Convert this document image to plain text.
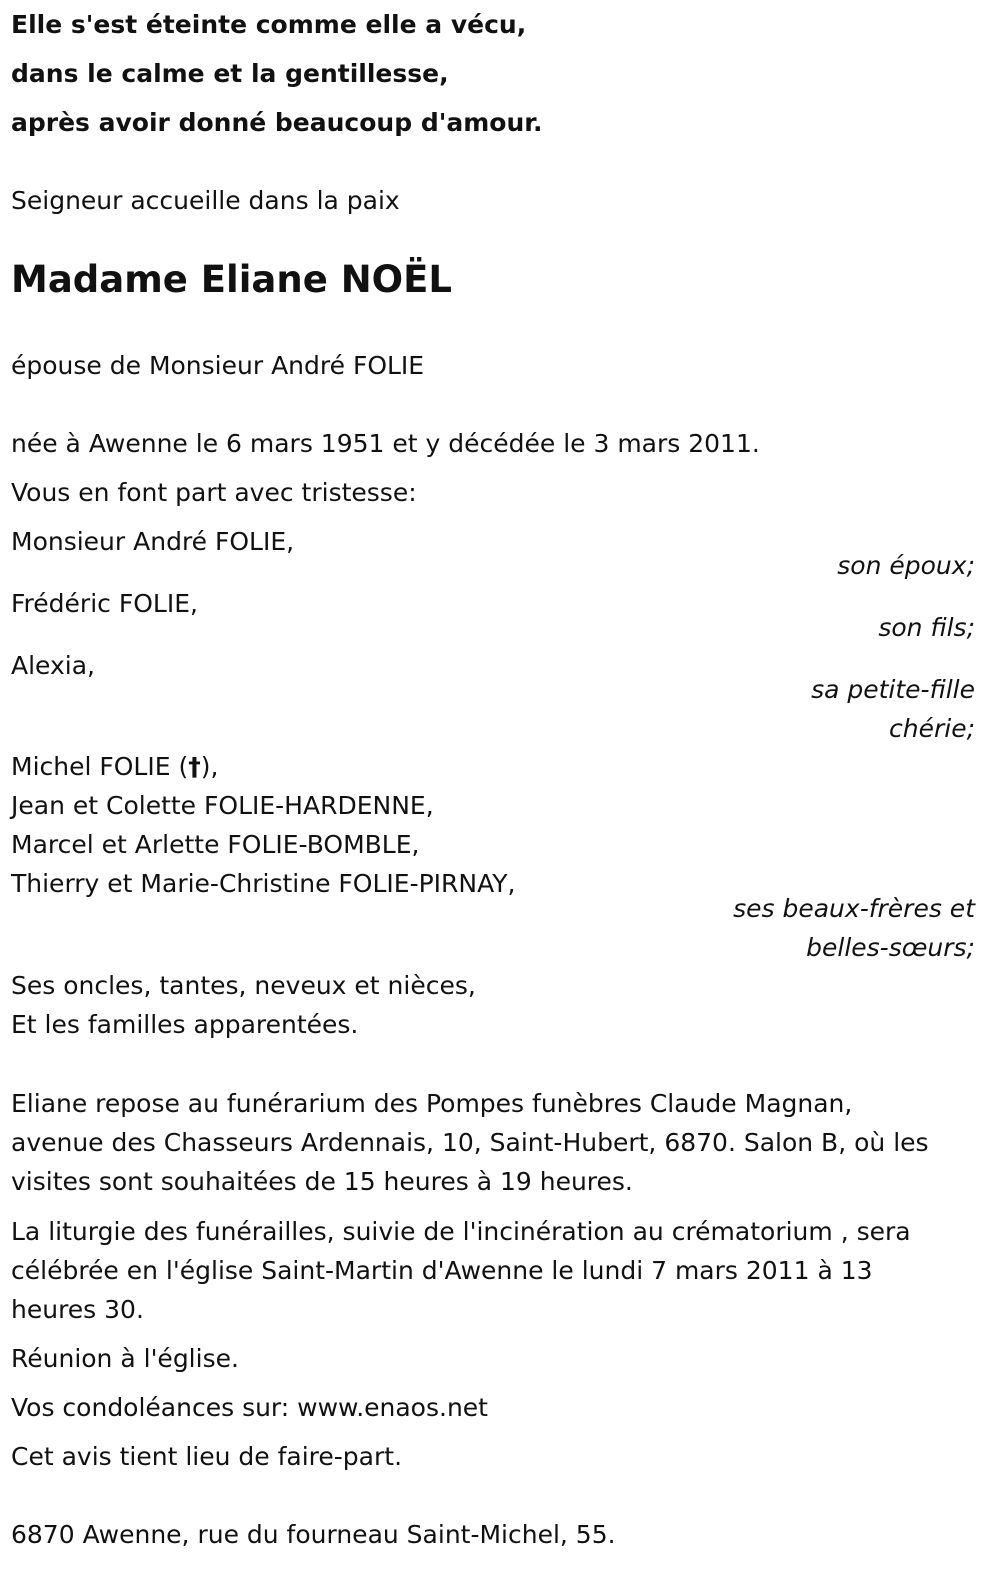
Elle s'est éteinte comme elle a vécu,
dans le calme et la gentillesse,
après avoir donné beaucoup d'amour.
Seigneur accueille dans la paix
Madame Eliane NOËL
épouse de Monsieur André FOLIE
née à Awenne le 6 mars 1951 et y décédée le 3 mars 2011.
Vous en font part avec tristesse:
Monsieur André FOLIE,
son époux;
Frédéric FOLIE,
son fils;
Alexia,
sa petite-fille
chérie;
Michel FOLIE (†),
Jean et Colette FOLIE-HARDENNE,
Marcel et Arlette FOLIE-BOMBLE,
Thierry et Marie-Christine FOLIE-PIRNAY,
ses beaux-frères et
belles-sœurs;
Ses oncles, tantes, neveux et nièces,
Et les familles apparentées.
Eliane repose au funérarium des Pompes funèbres Claude Magnan,
avenue des Chasseurs Ardennais, 10, Saint-Hubert, 6870. Salon B, où les
visites sont souhaitées de 15 heures à 19 heures.
La liturgie des funérailles, suivie de l'incinération au crématorium , sera
célébrée en l'église Saint-Martin d'Awenne le lundi 7 mars 2011 à 13
heures 30.
Réunion à l'église.
Vos condoléances sur: www.enaos.net
Cet avis tient lieu de faire-part.
6870 Awenne, rue du fourneau Saint-Michel, 55.
